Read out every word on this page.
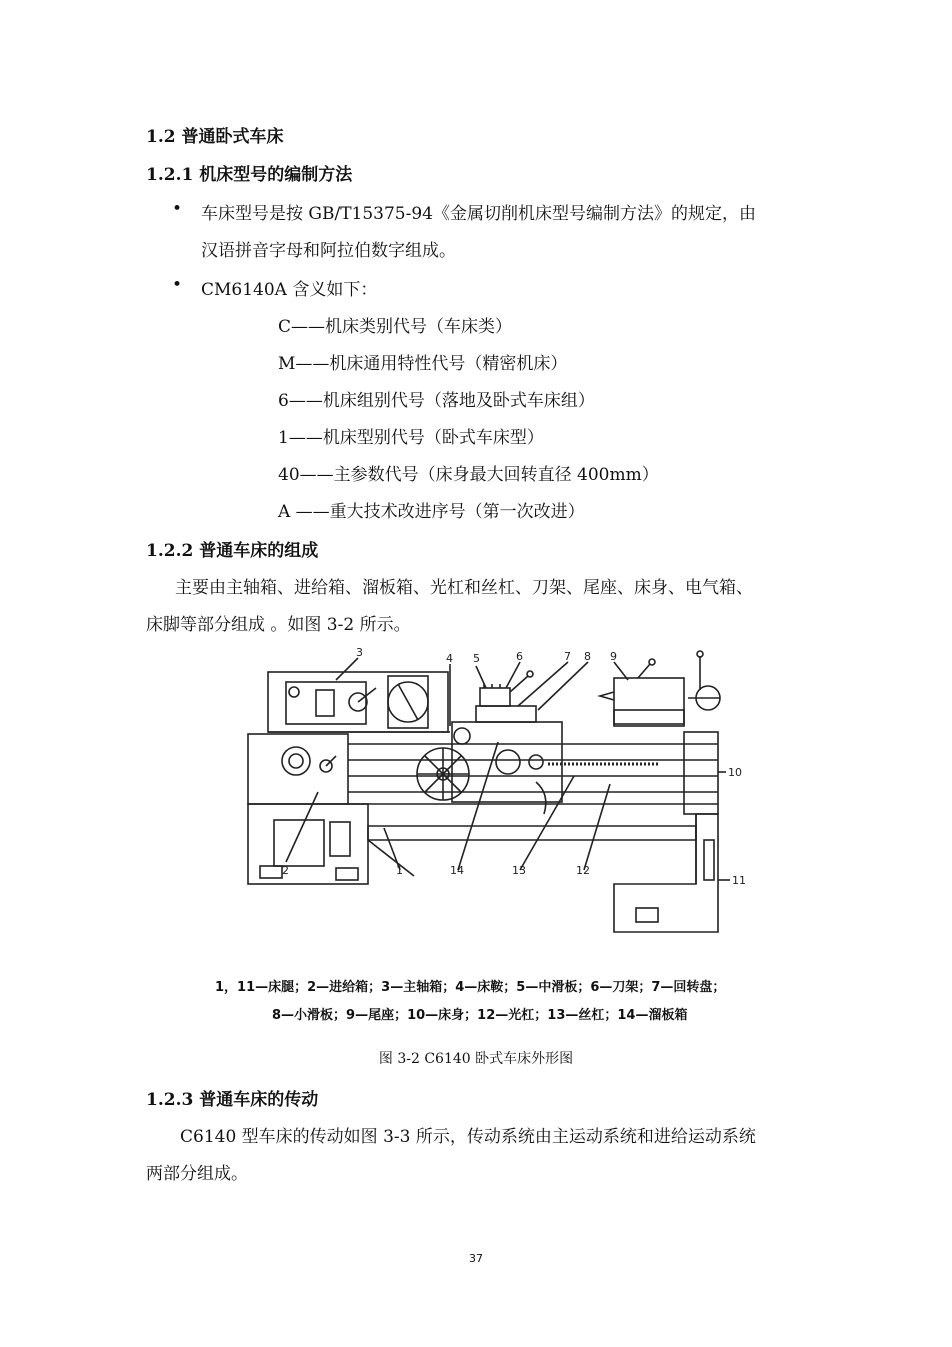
1.2 普通卧式车床
1.2.1 机床型号的编制方法
• 车床型号是按 GB/T15375-94《金属切削机床型号编制方法》的规定，由
汉语拼音字母和阿拉伯数字组成。
• CM6140A 含义如下：
C——机床类别代号（车床类）
M——机床通用特性代号（精密机床）
6——机床组别代号（落地及卧式车床组）
1——机床型别代号（卧式车床型）
40——主参数代号（床身最大回转直径 400mm）
A ——重大技术改进序号（第一次改进）
1.2.2 普通车床的组成
主要由主轴箱、进给箱、溜板箱、光杠和丝杠、刀架、尾座、床身、电气箱、
床脚等部分组成 。如图 3-2 所示。
3	4 5	6	7 8 9
10
11
2	1	14	13	12
1，11—床腿；2—进给箱；3—主轴箱；4—床鞍；5—中滑板；6—刀架；7—回转盘；
8—小滑板；9—尾座；10—床身；12—光杠；13—丝杠；14—溜板箱
图 3-2 C6140 卧式车床外形图
1.2.3 普通车床的传动
C6140 型车床的传动如图 3-3 所示，传动系统由主运动系统和进给运动系统
两部分组成。
37
